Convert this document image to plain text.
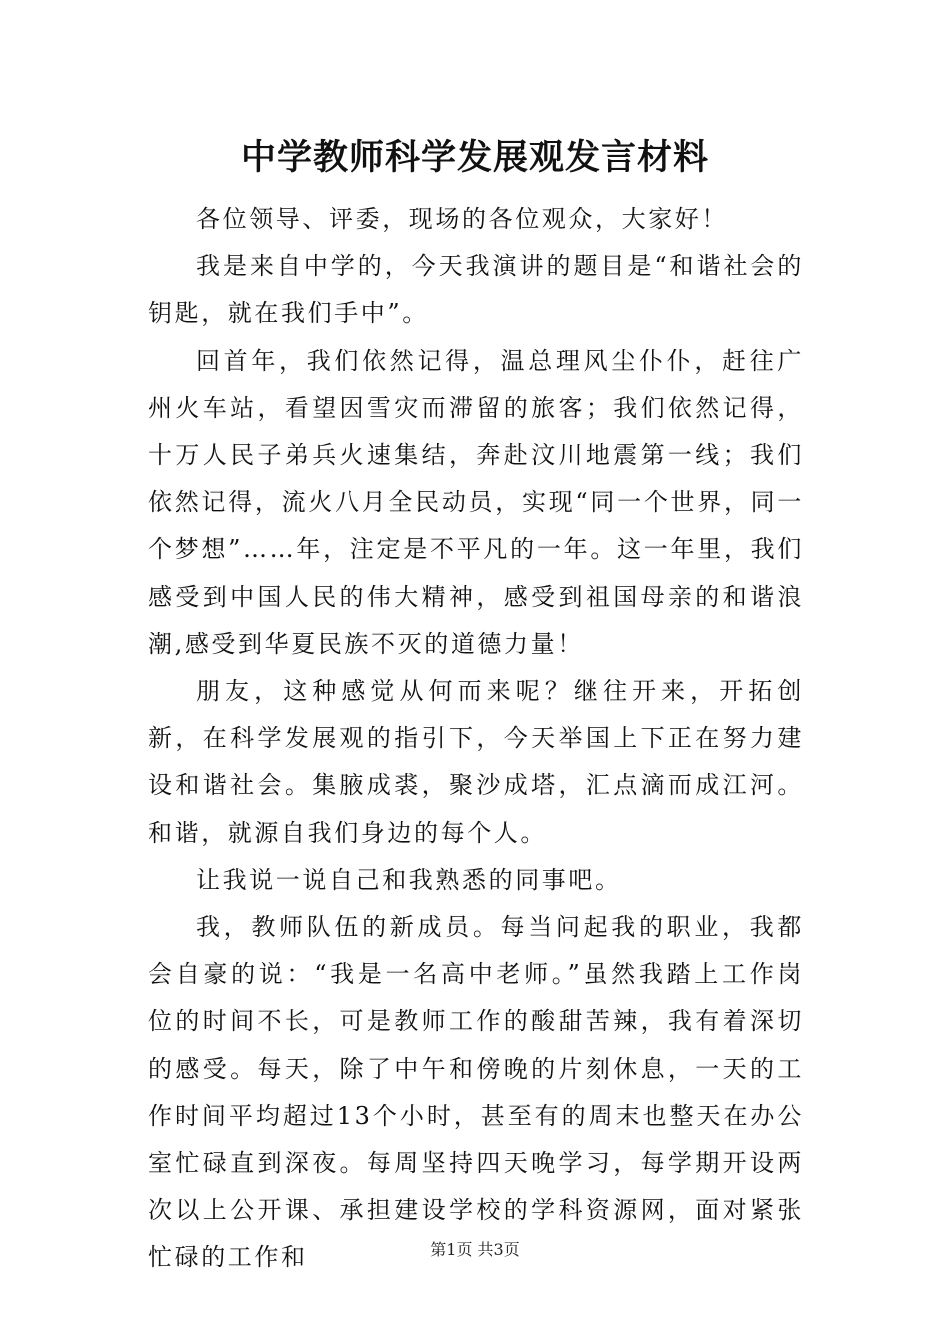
中学教师科学发展观发言材料

各位领导、评委，现场的各位观众，大家好！

我是来自中学的，今天我演讲的题目是“和谐社会的钥匙，就在我们手中”。

回首年，我们依然记得，温总理风尘仆仆，赶往广州火车站，看望因雪灾而滞留的旅客；我们依然记得，十万人民子弟兵火速集结，奔赴汶川地震第一线；我们依然记得，流火八月全民动员，实现“同一个世界，同一个梦想”……年，注定是不平凡的一年。这一年里，我们感受到中国人民的伟大精神，感受到祖国母亲的和谐浪潮,感受到华夏民族不灭的道德力量！

朋友，这种感觉从何而来呢？继往开来，开拓创新，在科学发展观的指引下，今天举国上下正在努力建设和谐社会。集腋成裘，聚沙成塔，汇点滴而成江河。和谐，就源自我们身边的每个人。

让我说一说自己和我熟悉的同事吧。

我，教师队伍的新成员。每当问起我的职业，我都会自豪的说：“我是一名高中老师。”虽然我踏上工作岗位的时间不长，可是教师工作的酸甜苦辣，我有着深切的感受。每天，除了中午和傍晚的片刻休息，一天的工作时间平均超过13个小时，甚至有的周末也整天在办公室忙碌直到深夜。每周坚持四天晚学习，每学期开设两次以上公开课、承担建设学校的学科资源网，面对紧张忙碌的工作和	第1页 共3页
